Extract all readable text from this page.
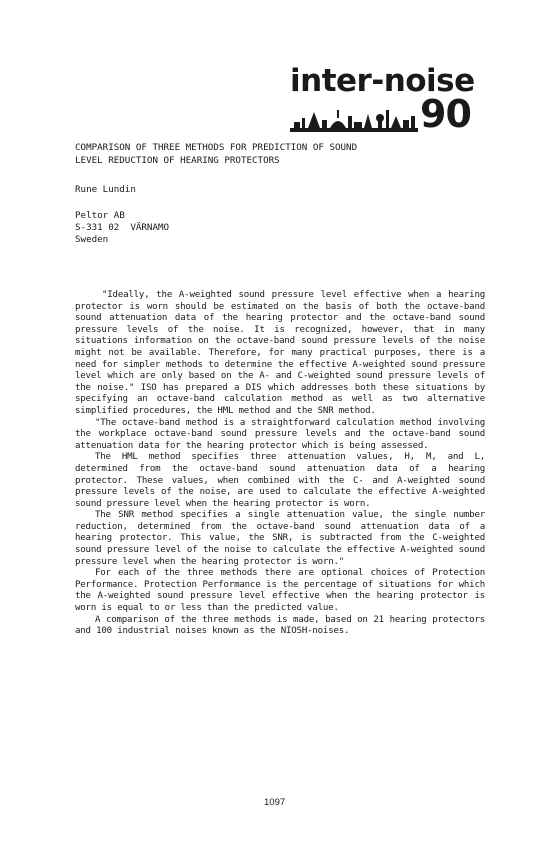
inter-noise

90

COMPARISON OF THREE METHODS FOR PREDICTION OF SOUND
LEVEL REDUCTION OF HEARING PROTECTORS

Rune Lundin

Peltor AB
S-331 02  VÄRNAMO
Sweden

"Ideally, the A-weighted sound pressure level effective when a hearing protector is worn should be estimated on the basis of both the octave-band sound attenuation data of the hearing protector and the octave-band sound pressure levels of the noise. It is recognized, however, that in many situations information on the octave-band sound pressure levels of the noise might not be available. Therefore, for many practical purposes, there is a need for simpler methods to determine the effective A-weighted sound pressure level which are only based on the A- and C-weighted sound pressure levels of the noise." ISO has prepared a DIS which addresses both these situations by specifying an octave-band calculation method as well as two alternative simplified procedures, the HML method and the SNR method.

"The octave-band method is a straightforward calculation method involving the workplace octave-band sound pressure levels and the octave-band sound attenuation data for the hearing protector which is being assessed.

The HML method specifies three attenuation values, H, M, and L, determined from the octave-band sound attenuation data of a hearing protector. These values, when combined with the C- and A-weighted sound pressure levels of the noise, are used to calculate the effective A-weighted sound pressure level when the hearing protector is worn.

The SNR method specifies a single attenuation value, the single number reduction, determined from the octave-band sound attenuation data of a hearing protector. This value, the SNR, is subtracted from the C-weighted sound pressure level of the noise to calculate the effective A-weighted sound pressure level when the hearing protector is worn."

For each of the three methods there are optional choices of Protection Performance. Protection Performance is the percentage of situations for which the A-weighted sound pressure level effective when the hearing protector is worn is equal to or less than the predicted value.

A comparison of the three methods is made, based on 21 hearing protectors and 100 industrial noises known as the NIOSH-noises.

1097
